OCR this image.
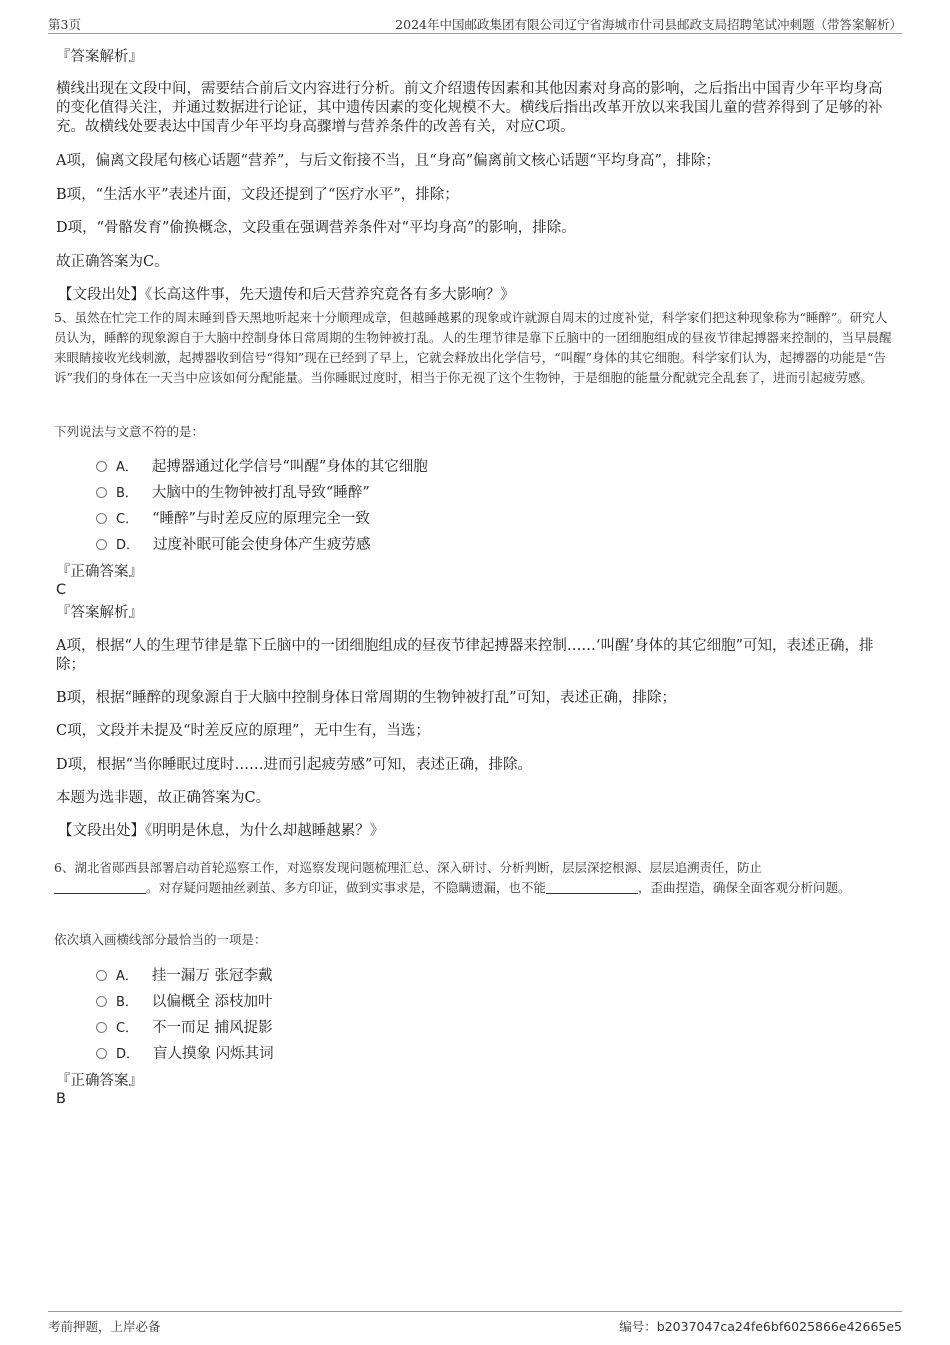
第3页	2024年中国邮政集团有限公司辽宁省海城市什司县邮政支局招聘笔试冲刺题（带答案解析）
『答案解析』
横线出现在文段中间，需要结合前后文内容进行分析。前文介绍遗传因素和其他因素对身高的影响，之后指出中国青少年平均身高的变化值得关注，并通过数据进行论证，其中遗传因素的变化规模不大。横线后指出改革开放以来我国儿童的营养得到了足够的补充。故横线处要表达中国青少年平均身高骤增与营养条件的改善有关，对应C项。
A项，偏离文段尾句核心话题“营养”，与后文衔接不当，且“身高”偏离前文核心话题“平均身高”，排除；
B项，“生活水平”表述片面，文段还提到了“医疗水平”，排除；
D项，“骨骼发育”偷换概念，文段重在强调营养条件对“平均身高”的影响，排除。
故正确答案为C。
【文段出处】《长高这件事，先天遗传和后天营养究竟各有多大影响？》
5、虽然在忙完工作的周末睡到昏天黑地听起来十分顺理成章，但越睡越累的现象或许就源自周末的过度补觉，科学家们把这种现象称为“睡醉”。研究人员认为，睡醉的现象源自于大脑中控制身体日常周期的生物钟被打乱。人的生理节律是靠下丘脑中的一团细胞组成的昼夜节律起搏器来控制的，当早晨醒来眼睛接收光线刺激，起搏器收到信号“得知”现在已经到了早上，它就会释放出化学信号，“叫醒”身体的其它细胞。科学家们认为，起搏器的功能是“告诉”我们的身体在一天当中应该如何分配能量。当你睡眠过度时，相当于你无视了这个生物钟，于是细胞的能量分配就完全乱套了，进而引起疲劳感。
下列说法与文意不符的是：
A． 起搏器通过化学信号“叫醒”身体的其它细胞
B． 大脑中的生物钟被打乱导致“睡醉”
C． “睡醉”与时差反应的原理完全一致
D． 过度补眠可能会使身体产生疲劳感
『正确答案』
C
『答案解析』
A项，根据“人的生理节律是靠下丘脑中的一团细胞组成的昼夜节律起搏器来控制……‘叫醒’身体的其它细胞”可知，表述正确，排除；
B项，根据“睡醉的现象源自于大脑中控制身体日常周期的生物钟被打乱”可知，表述正确，排除；
C项，文段并未提及“时差反应的原理”，无中生有，当选；
D项，根据“当你睡眠过度时……进而引起疲劳感”可知，表述正确，排除。
本题为选非题，故正确答案为C。
【文段出处】《明明是休息，为什么却越睡越累？》
6、湖北省郧西县部署启动首轮巡察工作，对巡察发现问题梳理汇总、深入研讨、分析判断，层层深挖根源、层层追溯责任，防止
。对存疑问题抽丝剥茧、多方印证，做到实事求是，不隐瞒遗漏，也不能	，歪曲捏造，确保全面客观分析问题。
依次填入画横线部分最恰当的一项是：
A． 挂一漏万 张冠李戴
B． 以偏概全 添枝加叶
C． 不一而足 捕风捉影
D． 盲人摸象 闪烁其词
『正确答案』
B
考前押题，上岸必备	编号：b2037047ca24fe6bf6025866e42665e5
